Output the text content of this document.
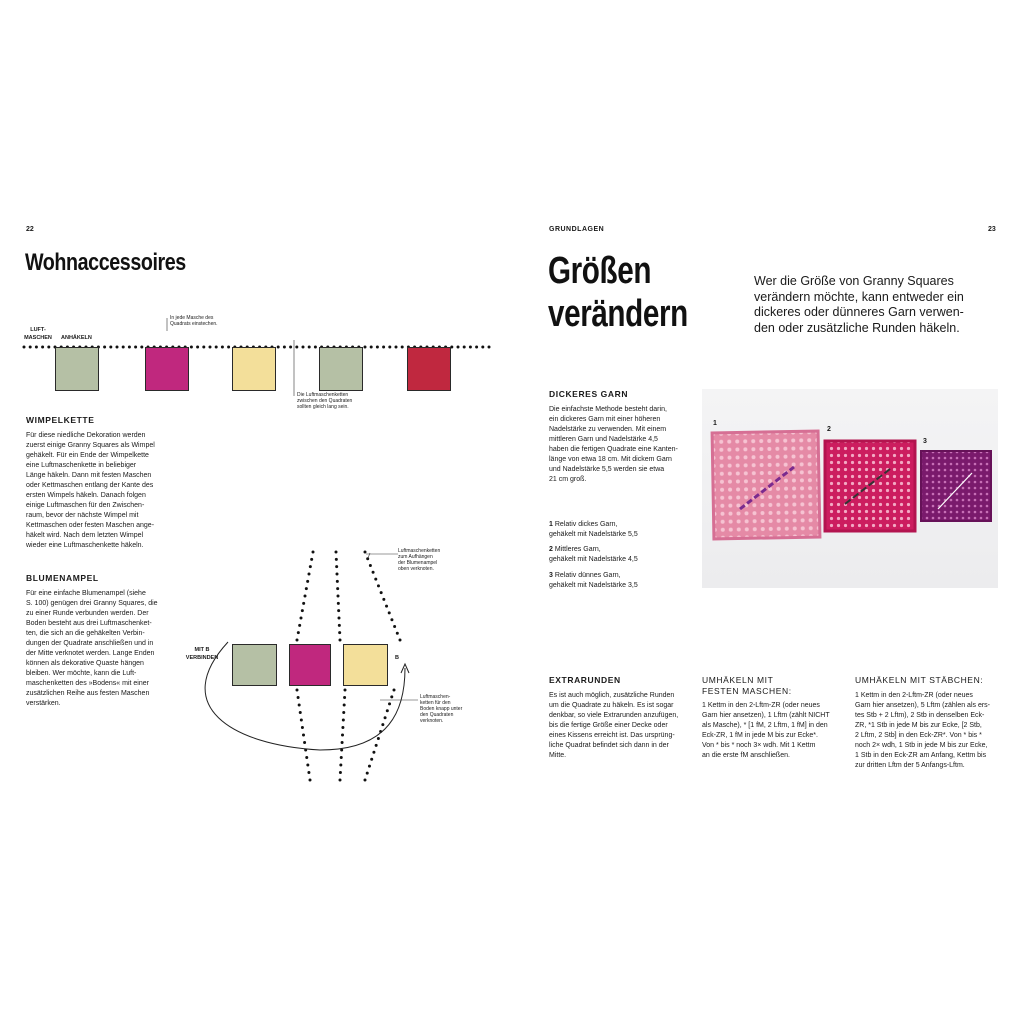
22
Wohnaccessoires
LUFT-
MASCHEN	ANHÄKELN
In jede Masche des
Quadrats einstechen.
Die Luftmaschenketten
zwischen den Quadraten
sollten gleich lang sein.
WIMPELKETTE
Für diese niedliche Dekoration werden
zuerst einige Granny Squares als Wimpel
gehäkelt. Für ein Ende der Wimpelkette
eine Luftmaschenkette in beliebiger
Länge häkeln. Dann mit festen Maschen
oder Kettmaschen entlang der Kante des
ersten Wimpels häkeln. Danach folgen
einige Luftmaschen für den Zwischen-
raum, bevor der nächste Wimpel mit
Kettmaschen oder festen Maschen ange-
häkelt wird. Nach dem letzten Wimpel
wieder eine Luftmaschenkette häkeln.
BLUMENAMPEL
Für eine einfache Blumenampel (siehe
S. 100) genügen drei Granny Squares, die
zu einer Runde verbunden werden. Der
Boden besteht aus drei Luftmaschenket-
ten, die sich an die gehäkelten Verbin-
dungen der Quadrate anschließen und in
der Mitte verknotet werden. Lange Enden
können als dekorative Quaste hängen
bleiben. Wer möchte, kann die Luft-
maschenketten des »Bodens« mit einer
zusätzlichen Reihe aus festen Maschen
verstärken.
Luftmaschenketten
zum Aufhängen
der Blumenampel
oben verknoten.
MIT B
VERBINDEN	B
Luftmaschen-
ketten für den
Boden knapp unter
den Quadraten
verknoten.
GRUNDLAGEN	23
Größen
verändern
Wer die Größe von Granny Squares
verändern möchte, kann entweder ein
dickeres oder dünneres Garn verwen-
den oder zusätzliche Runden häkeln.
DICKERES GARN
Die einfachste Methode besteht darin,
ein dickeres Garn mit einer höheren
Nadelstärke zu verwenden. Mit einem
mittleren Garn und Nadelstärke 4,5
haben die fertigen Quadrate eine Kanten-
länge von etwa 18 cm. Mit dickem Garn
und Nadelstärke 5,5 werden sie etwa
21 cm groß.
1 Relativ dickes Garn,
gehäkelt mit Nadelstärke 5,5
2 Mittleres Garn,
gehäkelt mit Nadelstärke 4,5
3 Relativ dünnes Garn,
gehäkelt mit Nadelstärke 3,5
1
2
3
EXTRARUNDEN
Es ist auch möglich, zusätzliche Runden
um die Quadrate zu häkeln. Es ist sogar
denkbar, so viele Extrarunden anzufügen,
bis die fertige Größe einer Decke oder
eines Kissens erreicht ist. Das ursprüng-
liche Quadrat befindet sich dann in der
Mitte.
UMHÄKELN MIT
FESTEN MASCHEN:
1 Kettm in den 2-Lftm-ZR (oder neues
Garn hier ansetzen), 1 Lftm (zählt NICHT
als Masche), * [1 fM, 2 Lftm, 1 fM] in den
Eck-ZR, 1 fM in jede M bis zur Ecke*.
Von * bis * noch 3× wdh. Mit 1 Kettm
an die erste fM anschließen.
UMHÄKELN MIT STÄBCHEN:
1 Kettm in den 2-Lftm-ZR (oder neues
Garn hier ansetzen), 5 Lftm (zählen als ers-
tes Stb + 2 Lftm), 2 Stb in denselben Eck-
ZR, *1 Stb in jede M bis zur Ecke, [2 Stb,
2 Lftm, 2 Stb] in den Eck-ZR*. Von * bis *
noch 2× wdh, 1 Stb in jede M bis zur Ecke,
1 Stb in den Eck-ZR am Anfang, Kettm bis
zur dritten Lftm der 5 Anfangs-Lftm.
